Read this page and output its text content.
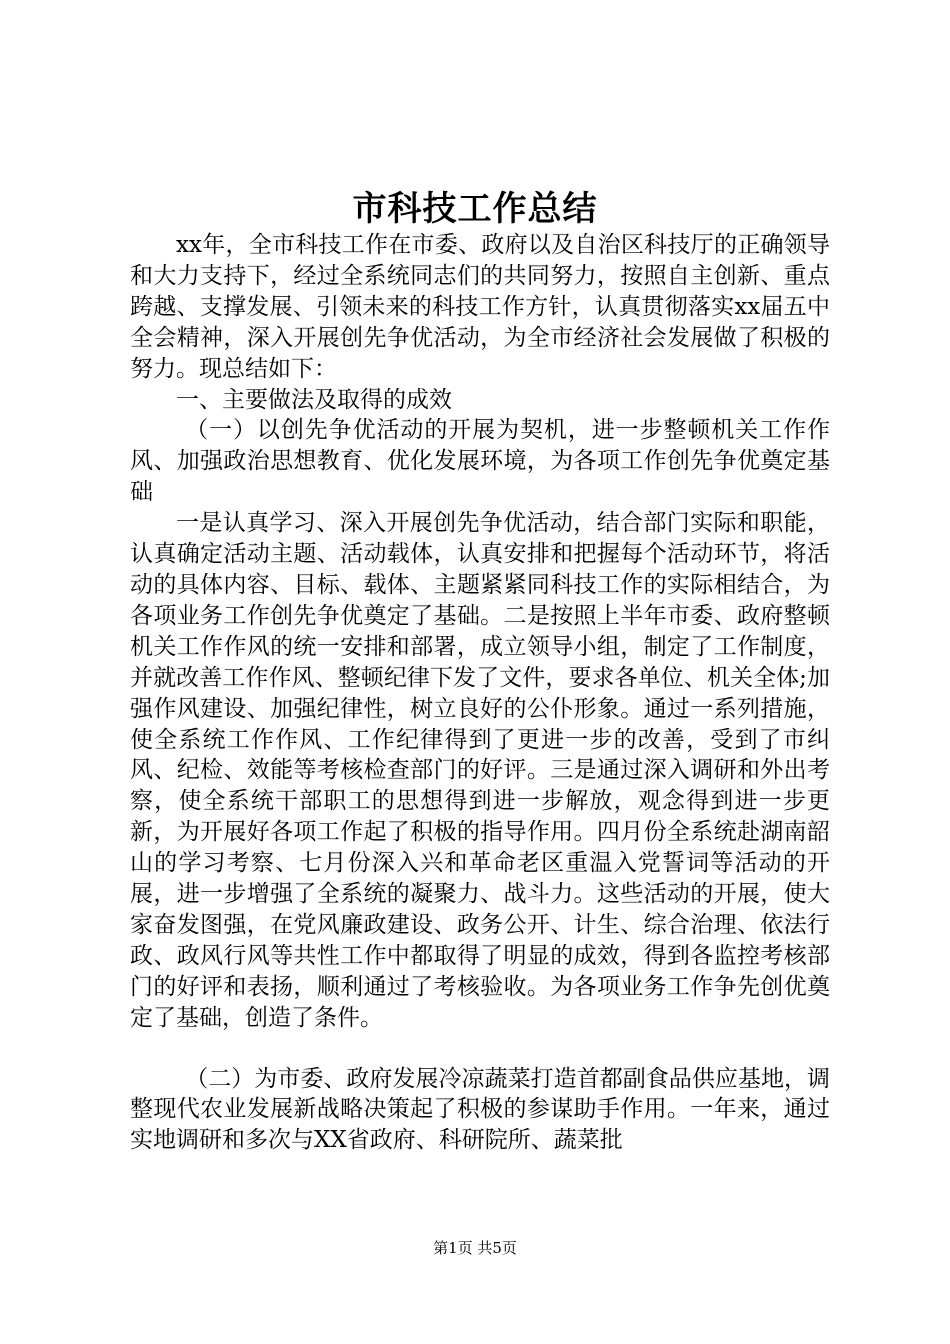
市科技工作总结

xx年，全市科技工作在市委、政府以及自治区科技厅的正确领导和大力支持下，经过全系统同志们的共同努力，按照自主创新、重点跨越、支撑发展、引领未来的科技工作方针，认真贯彻落实xx届五中全会精神，深入开展创先争优活动，为全市经济社会发展做了积极的努力。现总结如下：

一、主要做法及取得的成效

（一）以创先争优活动的开展为契机，进一步整顿机关工作作风、加强政治思想教育、优化发展环境，为各项工作创先争优奠定基础

一是认真学习、深入开展创先争优活动，结合部门实际和职能，认真确定活动主题、活动载体，认真安排和把握每个活动环节，将活动的具体内容、目标、载体、主题紧紧同科技工作的实际相结合，为各项业务工作创先争优奠定了基础。二是按照上半年市委、政府整顿机关工作作风的统一安排和部署，成立领导小组，制定了工作制度，并就改善工作作风、整顿纪律下发了文件，要求各单位、机关全体;加强作风建设、加强纪律性，树立良好的公仆形象。通过一系列措施，使全系统工作作风、工作纪律得到了更进一步的改善，受到了市纠风、纪检、效能等考核检查部门的好评。三是通过深入调研和外出考察，使全系统干部职工的思想得到进一步解放，观念得到进一步更新，为开展好各项工作起了积极的指导作用。四月份全系统赴湖南韶山的学习考察、七月份深入兴和革命老区重温入党誓词等活动的开展，进一步增强了全系统的凝聚力、战斗力。这些活动的开展，使大家奋发图强，在党风廉政建设、政务公开、计生、综合治理、依法行政、政风行风等共性工作中都取得了明显的成效，得到各监控考核部门的好评和表扬，顺利通过了考核验收。为各项业务工作争先创优奠定了基础，创造了条件。

（二）为市委、政府发展冷凉蔬菜打造首都副食品供应基地，调整现代农业发展新战略决策起了积极的参谋助手作用。一年来，通过实地调研和多次与XX省政府、科研院所、蔬菜批

第1页 共5页
